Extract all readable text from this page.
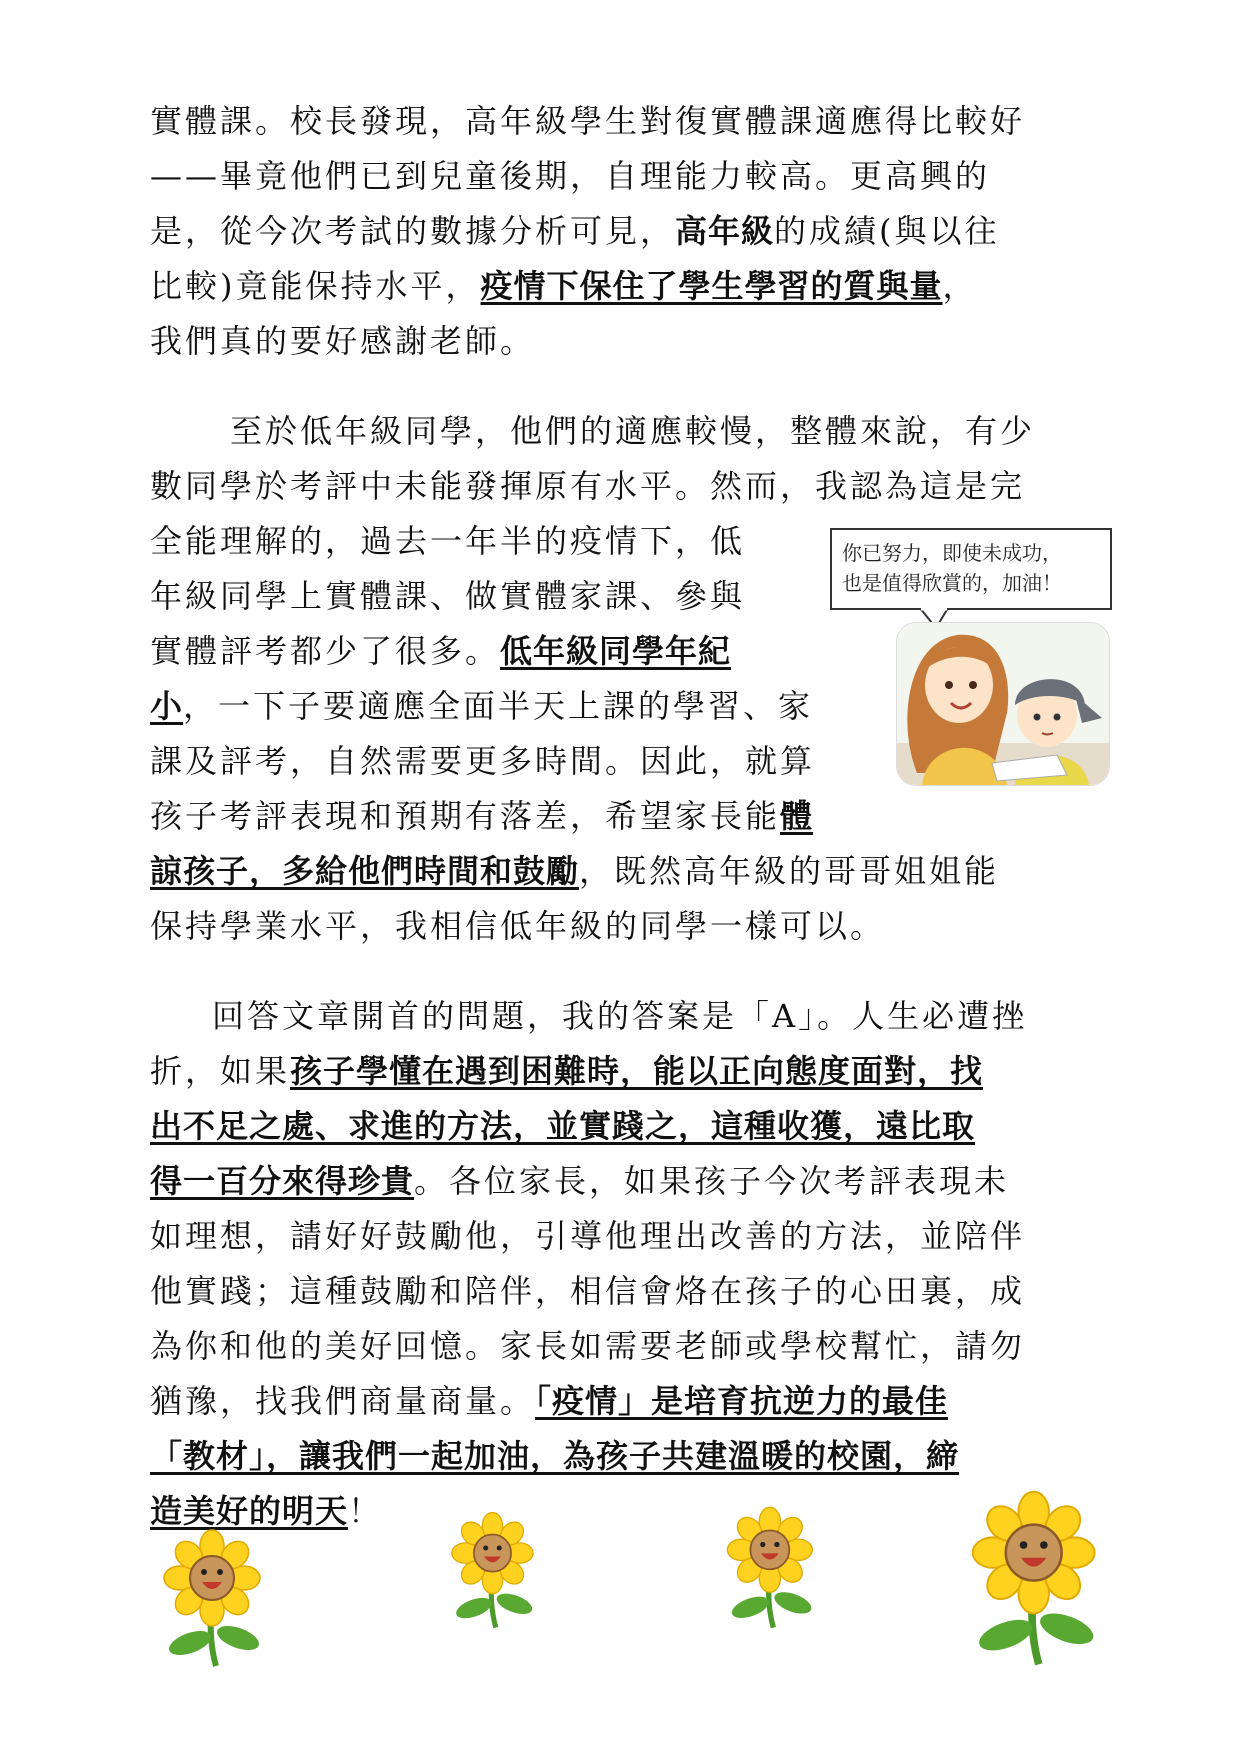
實體課。校長發現，高年級學生對復實體課適應得比較好
——畢竟他們已到兒童後期，自理能力較高。更高興的
是，從今次考試的數據分析可見，高年級的成績(與以往
比較)竟能保持水平，疫情下保住了學生學習的質與量，
我們真的要好感謝老師。
至於低年級同學，他們的適應較慢，整體來說，有少
數同學於考評中未能發揮原有水平。然而，我認為這是完
全能理解的，過去一年半的疫情下，低
年級同學上實體課、做實體家課、參與
實體評考都少了很多。低年級同學年紀
小，一下子要適應全面半天上課的學習、家
課及評考，自然需要更多時間。因此，就算
孩子考評表現和預期有落差，希望家長能體
諒孩子，多給他們時間和鼓勵，既然高年級的哥哥姐姐能
保持學業水平，我相信低年級的同學一樣可以。
回答文章開首的問題，我的答案是「A」。人生必遭挫
折，如果孩子學懂在遇到困難時，能以正向態度面對，找
出不足之處、求進的方法，並實踐之，這種收獲，遠比取
得一百分來得珍貴。各位家長，如果孩子今次考評表現未
如理想，請好好鼓勵他，引導他理出改善的方法，並陪伴
他實踐；這種鼓勵和陪伴，相信會烙在孩子的心田裏，成
為你和他的美好回憶。家長如需要老師或學校幫忙，請勿
猶豫，找我們商量商量。「疫情」是培育抗逆力的最佳
「教材」，讓我們一起加油，為孩子共建溫暖的校園，締
造美好的明天！
你已努力，即使未成功，
也是值得欣賞的，加油！
